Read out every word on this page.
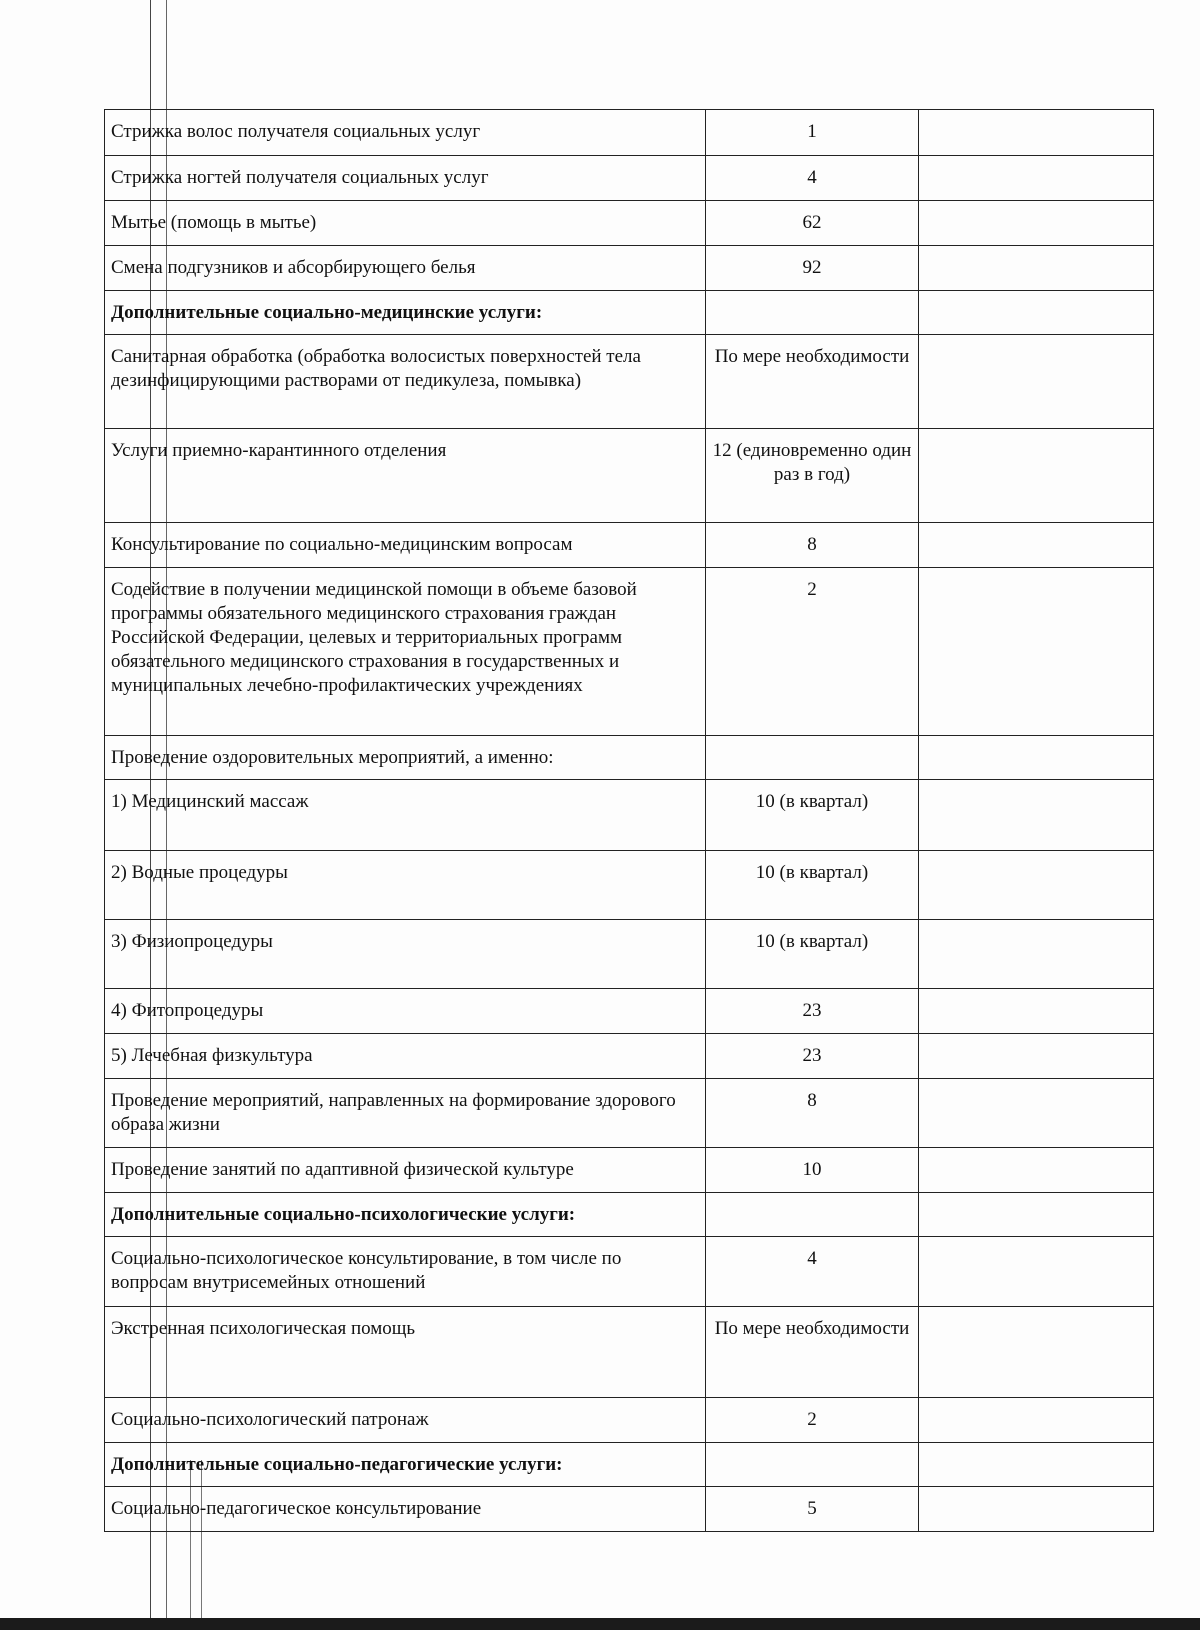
Стрижка волос получателя социальных услуг	1	
Стрижка ногтей получателя социальных услуг	4	
Мытье (помощь в мытье)	62	
Смена подгузников и абсорбирующего белья	92	
Дополнительные социально-медицинские услуги:		
Санитарная обработка (обработка волосистых поверхностей тела дезинфицирующими растворами от педикулеза, помывка)	По мере необходимости	
Услуги приемно-карантинного отделения	12 (единовременно один раз в год)	
Консультирование по социально-медицинским вопросам	8	
Содействие в получении медицинской помощи в объеме базовой программы обязательного медицинского страхования граждан Российской Федерации, целевых и территориальных программ обязательного медицинского страхования в государственных и муниципальных лечебно-профилактических учреждениях	2	
Проведение оздоровительных мероприятий, а именно:		
1) Медицинский массаж	10 (в квартал)	
2) Водные процедуры	10 (в квартал)	
3) Физиопроцедуры	10 (в квартал)	
4) Фитопроцедуры	23	
5) Лечебная физкультура	23	
Проведение мероприятий, направленных на формирование здорового образа жизни	8	
Проведение занятий по адаптивной физической культуре	10	
Дополнительные социально-психологические услуги:		
Социально-психологическое консультирование, в том числе по вопросам внутрисемейных отношений	4	
Экстренная психологическая помощь	По мере необходимости	
Социально-психологический патронаж	2	
Дополнительные социально-педагогические услуги:		
Социально-педагогическое консультирование	5	
